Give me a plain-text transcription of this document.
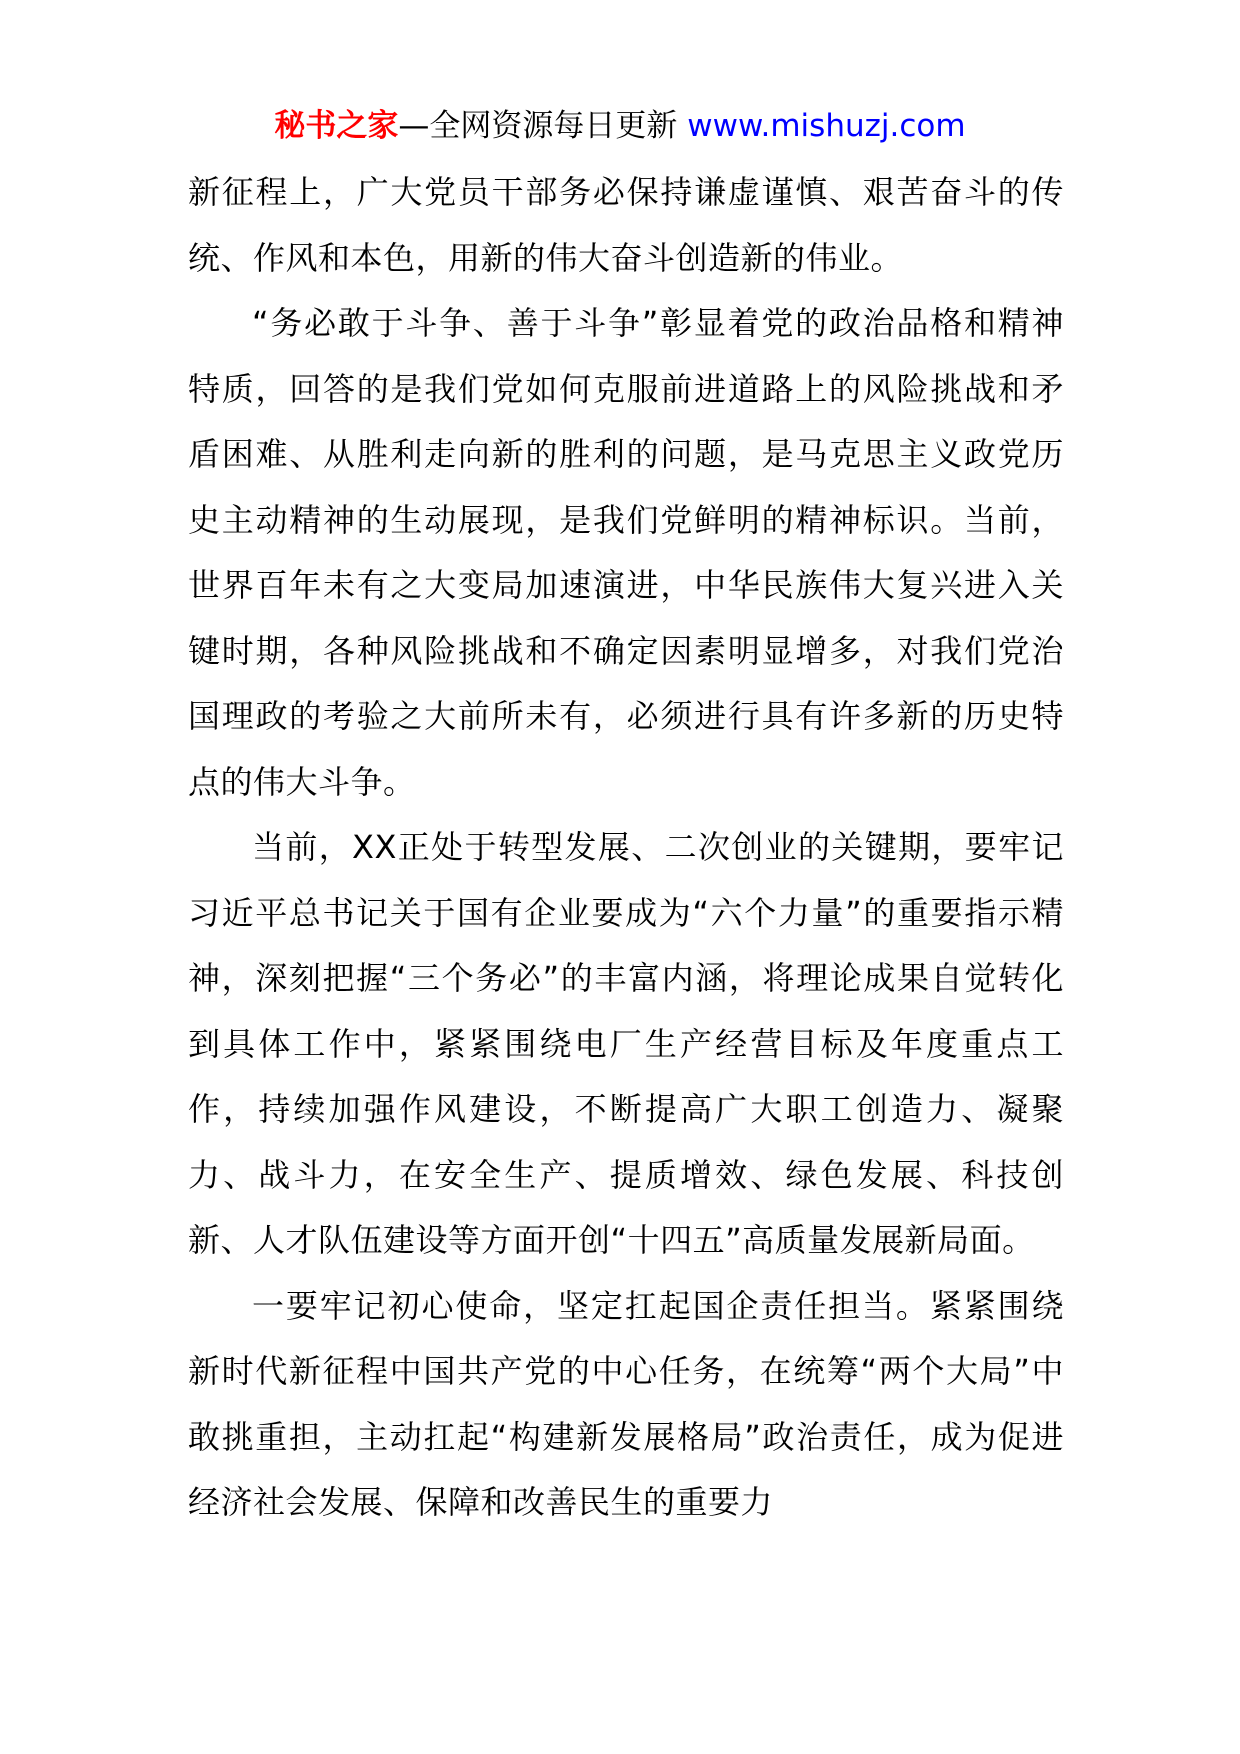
秘书之家—全网资源每日更新 www.mishuzj.com

新征程上，广大党员干部务必保持谦虚谨慎、艰苦奋斗的传统、作风和本色，用新的伟大奋斗创造新的伟业。

“务必敢于斗争、善于斗争”彰显着党的政治品格和精神特质，回答的是我们党如何克服前进道路上的风险挑战和矛盾困难、从胜利走向新的胜利的问题，是马克思主义政党历史主动精神的生动展现，是我们党鲜明的精神标识。当前，世界百年未有之大变局加速演进，中华民族伟大复兴进入关键时期，各种风险挑战和不确定因素明显增多，对我们党治国理政的考验之大前所未有，必须进行具有许多新的历史特点的伟大斗争。

当前，XX正处于转型发展、二次创业的关键期，要牢记习近平总书记关于国有企业要成为“六个力量”的重要指示精神，深刻把握“三个务必”的丰富内涵，将理论成果自觉转化到具体工作中，紧紧围绕电厂生产经营目标及年度重点工作，持续加强作风建设，不断提高广大职工创造力、凝聚力、战斗力，在安全生产、提质增效、绿色发展、科技创新、人才队伍建设等方面开创“十四五”高质量发展新局面。

一要牢记初心使命，坚定扛起国企责任担当。紧紧围绕新时代新征程中国共产党的中心任务，在统筹“两个大局”中敢挑重担，主动扛起“构建新发展格局”政治责任，成为促进经济社会发展、保障和改善民生的重要力
